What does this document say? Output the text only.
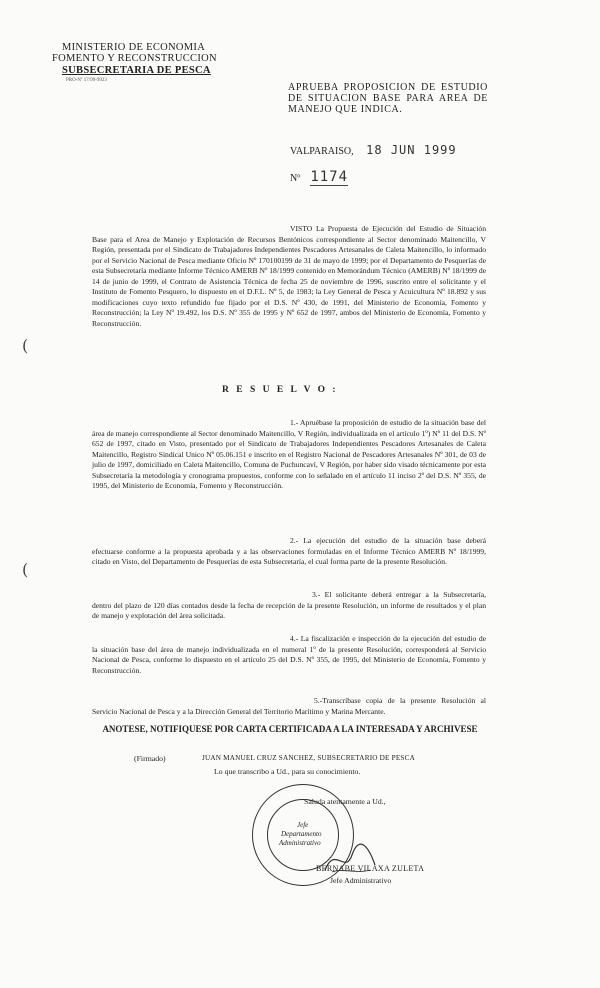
MINISTERIO DE ECONOMIA
FOMENTO Y RECONSTRUCCION
SUBSECRETARIA DE PESCA
PRO-Nº 17/99-9923
APRUEBA PROPOSICION DE ESTUDIO DE SITUACION BASE PARA AREA DE MANEJO QUE INDICA.
VALPARAISO, 18 JUN 1999
Nº 1174
(
(

VISTO La Propuesta de Ejecución del Estudio de Situación Base para el Area de Manejo y Explotación de Recursos Bentónicos correspondiente al Sector denominado Maitencillo, V Región, presentada por el Sindicato de Trabajadores Independientes Pescadores Artesanales de Caleta Maitencillo, lo informado por el Servicio Nacional de Pesca mediante Oficio Nº 170100199 de 31 de mayo de 1999; por el Departamento de Pesquerías de esta Subsecretaría mediante Informe Técnico AMERB Nº 18/1999 contenido en Memorándum Técnico (AMERB) Nº 18/1999 de 14 de junio de 1999, el Contrato de Asistencia Técnica de fecha 25 de noviembre de 1996, suscrito entre el solicitante y el Instituto de Fomento Pesquero, lo dispuesto en el D.F.L. Nº 5, de 1983; la Ley General de Pesca y Acuicultura Nº 18.892 y sus modificaciones cuyo texto refundido fue fijado por el D.S. Nº 430, de 1991, del Ministerio de Economía, Fomento y Reconstrucción; la Ley Nº 19.492, los D.S. Nº 355 de 1995 y Nº 652 de 1997, ambos del Ministerio de Economía, Fomento y Reconstrucción.

R E S U E L V O :

1.- Apruébase la proposición de estudio de la situación base del área de manejo correspondiente al Sector denominado Maitencillo, V Región, individualizada en el artículo 1º) Nº 11 del D.S. Nº 652 de 1997, citado en Visto, presentado por el Sindicato de Trabajadores Independientes Pescadores Artesanales de Caleta Maitencillo, Registro Sindical Unico Nº 05.06.151 e inscrito en el Registro Nacional de Pescadores Artesanales Nº 301, de 03 de julio de 1997, domiciliado en Caleta Maitencillo, Comuna de Puchuncaví, V Región, por haber sido visado técnicamente por esta Subsecretaría la metodología y cronograma propuestos, conforme con lo señalado en el artículo 11 inciso 2º del D.S. Nº 355, de 1995, del Ministerio de Economía, Fomento y Reconstrucción.

2.- La ejecución del estudio de la situación base deberá efectuarse conforme a la propuesta aprobada y a las observaciones formuladas en el Informe Técnico AMERB Nº 18/1999, citado en Visto, del Departamento de Pesquerías de esta Subsecretaría, el cual forma parte de la presente Resolución.

3.- El solicitante deberá entregar a la Subsecretaría, dentro del plazo de 120 días contados desde la fecha de recepción de la presente Resolución, un informe de resultados y el plan de manejo y explotación del área solicitada.

4.- La fiscalización e inspección de la ejecución del estudio de la situación base del área de manejo individualizada en el numeral 1º de la presente Resolución, corresponderá al Servicio Nacional de Pesca, conforme lo dispuesto en el artículo 25 del D.S. Nº 355, de 1995, del Ministerio de Economía, Fomento y Reconstrucción.

5.-Transcríbase copia de la presente Resolución al Servicio Nacional de Pesca y a la Dirección General del Territorio Marítimo y Marina Mercante.

ANOTESE, NOTIFIQUESE POR CARTA CERTIFICADA A LA INTERESADA Y ARCHIVESE
(Firmado)	JUAN MANUEL CRUZ SANCHEZ, SUBSECRETARIO DE PESCA
Lo que transcribo a Ud., para su conocimiento.
Saluda atentamente a Ud.,
Jefe
Departamento
Administrativo
BERNABE VILAXA ZULETA
Jefe Administrativo
